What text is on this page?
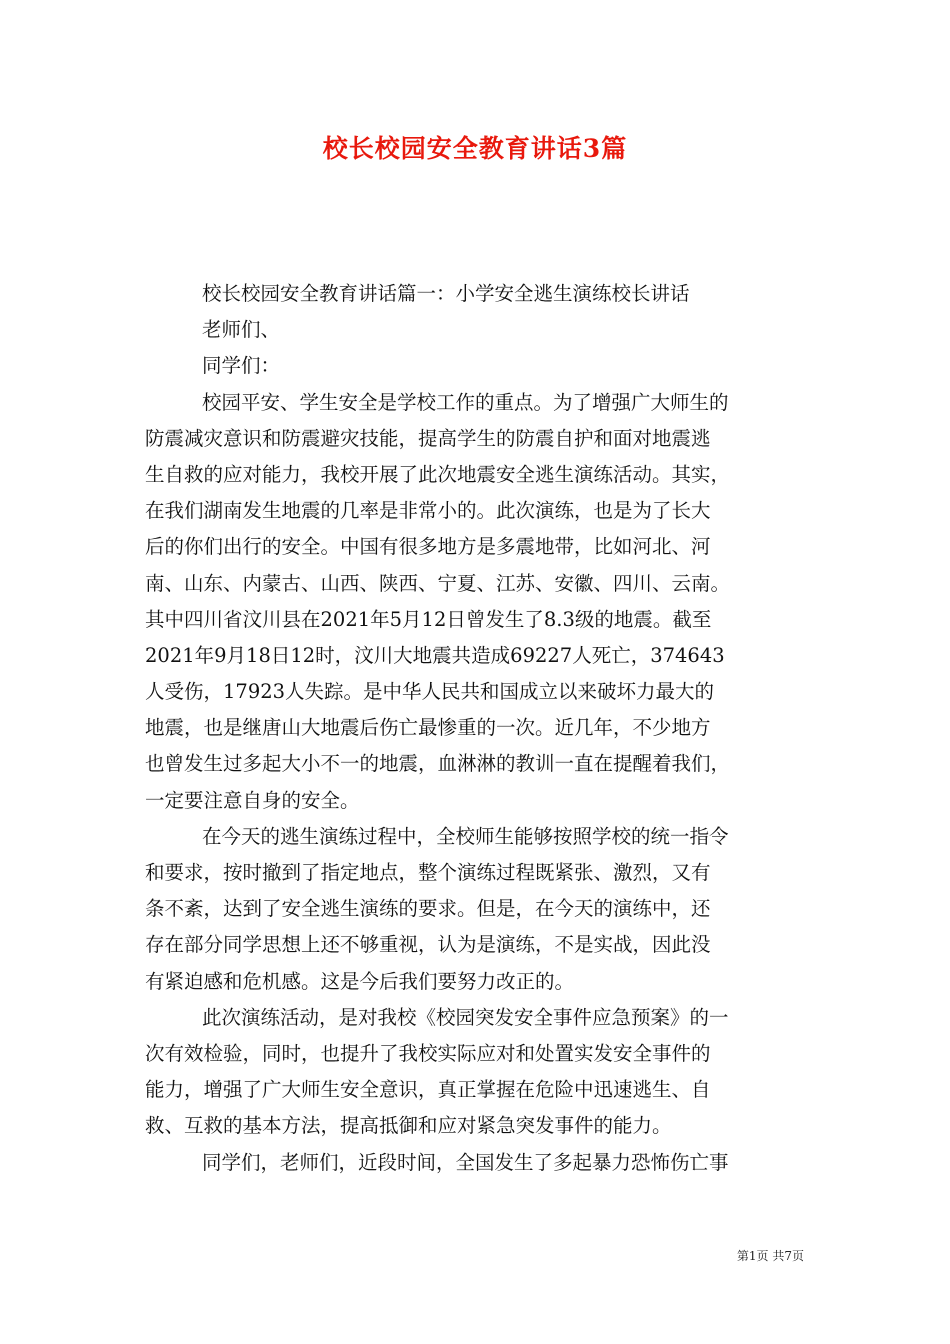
校长校园安全教育讲话3篇
校长校园安全教育讲话篇一：小学安全逃生演练校长讲话
老师们、
同学们：
校园平安、学生安全是学校工作的重点。为了增强广大师生的
防震减灾意识和防震避灾技能，提高学生的防震自护和面对地震逃
生自救的应对能力，我校开展了此次地震安全逃生演练活动。其实，
在我们湖南发生地震的几率是非常小的。此次演练，也是为了长大
后的你们出行的安全。中国有很多地方是多震地带，比如河北、河
南、山东、内蒙古、山西、陕西、宁夏、江苏、安徽、四川、云南。
其中四川省汶川县在2021年5月12日曾发生了8.3级的地震。截至
2021年9月18日12时，汶川大地震共造成69227人死亡，374643
人受伤，17923人失踪。是中华人民共和国成立以来破坏力最大的
地震，也是继唐山大地震后伤亡最惨重的一次。近几年，不少地方
也曾发生过多起大小不一的地震，血淋淋的教训一直在提醒着我们，
一定要注意自身的安全。
在今天的逃生演练过程中，全校师生能够按照学校的统一指令
和要求，按时撤到了指定地点，整个演练过程既紧张、激烈，又有
条不紊，达到了安全逃生演练的要求。但是，在今天的演练中，还
存在部分同学思想上还不够重视，认为是演练，不是实战，因此没
有紧迫感和危机感。这是今后我们要努力改正的。
此次演练活动，是对我校《校园突发安全事件应急预案》的一
次有效检验，同时，也提升了我校实际应对和处置实发安全事件的
能力，增强了广大师生安全意识，真正掌握在危险中迅速逃生、自
救、互救的基本方法，提高抵御和应对紧急突发事件的能力。
同学们，老师们，近段时间，全国发生了多起暴力恐怖伤亡事
第1页 共7页
